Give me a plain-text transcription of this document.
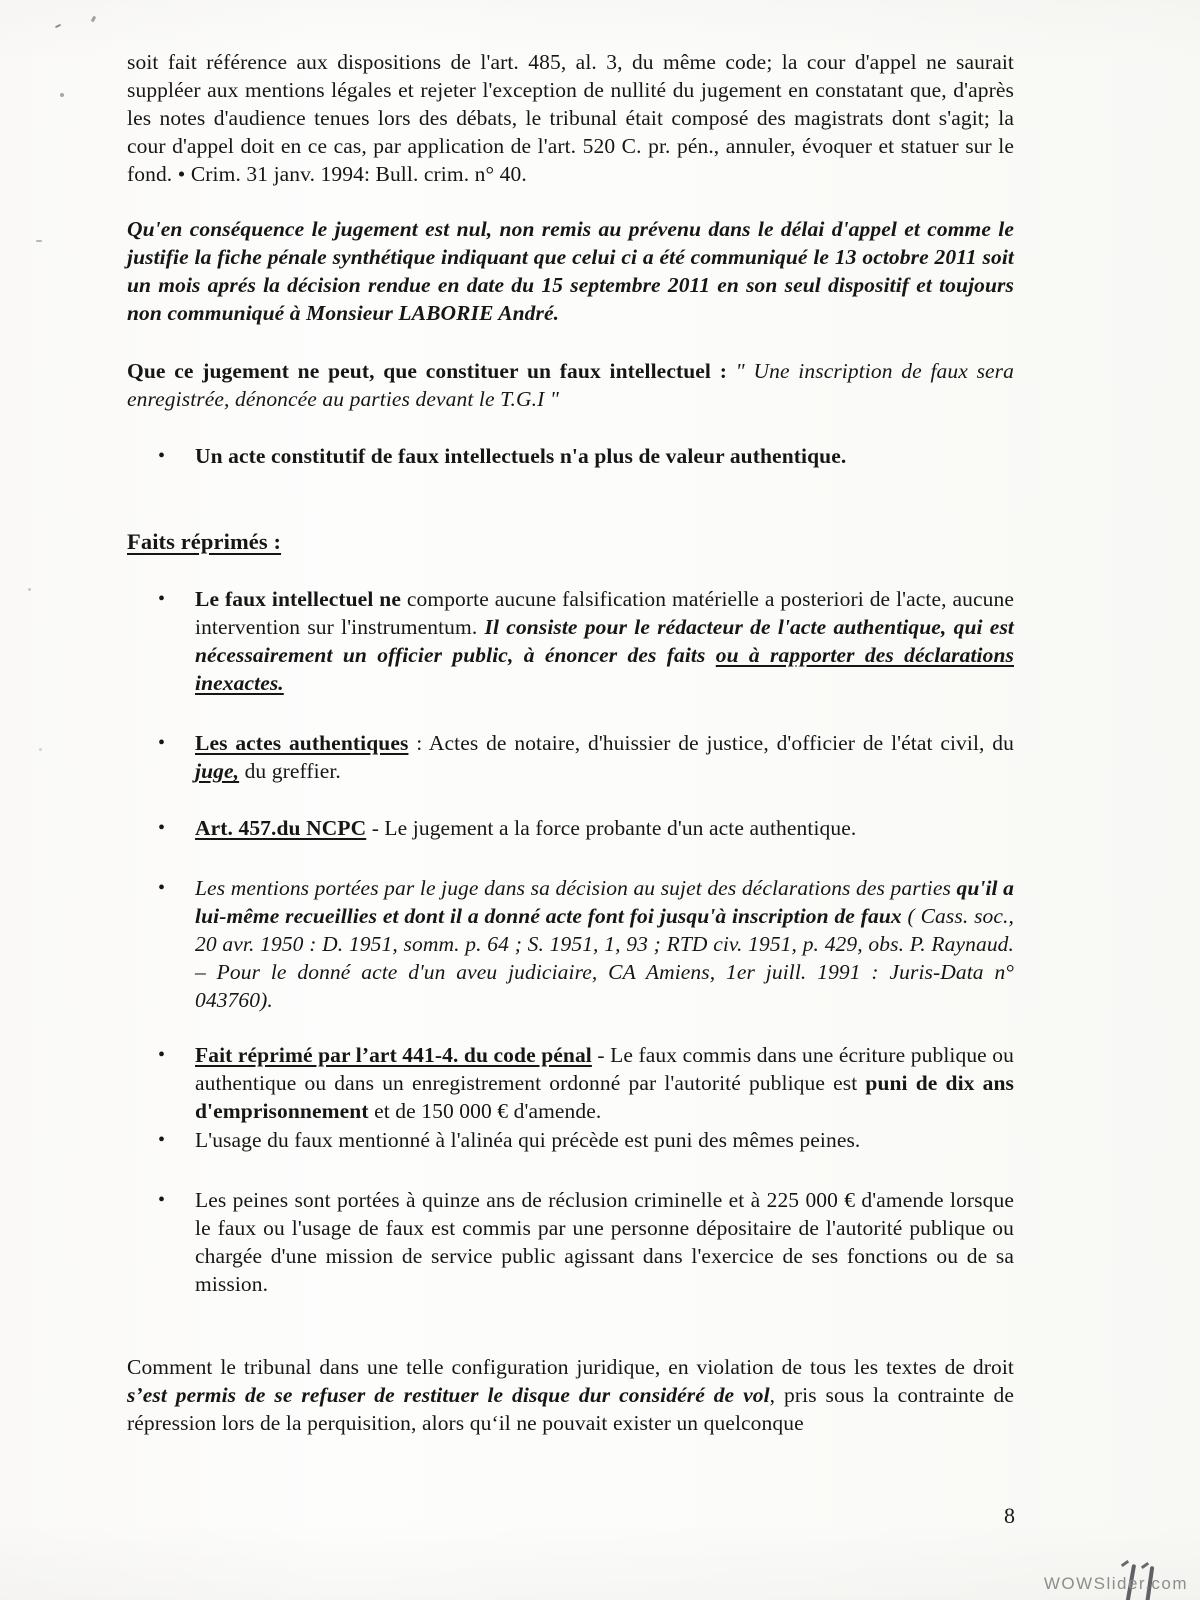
soit fait référence aux dispositions de l'art. 485, al. 3, du même code; la cour d'appel ne saurait suppléer aux mentions légales et rejeter l'exception de nullité du jugement en constatant que, d'après les notes d'audience tenues lors des débats, le tribunal était composé des magistrats dont s'agit; la cour d'appel doit en ce cas, par application de l'art. 520 C. pr. pén., annuler, évoquer et statuer sur le fond. • Crim. 31 janv. 1994: Bull. crim. n° 40.
Qu'en conséquence le jugement est nul, non remis au prévenu dans le délai d'appel et comme le justifie la fiche pénale synthétique indiquant que celui ci a été communiqué le 13 octobre 2011 soit un mois aprés la décision rendue en date du 15 septembre 2011 en son seul dispositif et toujours non communiqué à Monsieur LABORIE André.
Que ce jugement ne peut, que constituer un faux intellectuel : " Une inscription de faux sera enregistrée, dénoncée au parties devant le T.G.I "
•	Un acte constitutif de faux intellectuels n'a plus de valeur authentique.
Faits réprimés :
•	Le faux intellectuel ne comporte aucune falsification matérielle a posteriori de l'acte, aucune intervention sur l'instrumentum. Il consiste pour le rédacteur de l'acte authentique, qui est nécessairement un officier public, à énoncer des faits ou à rapporter des déclarations inexactes.
•	Les actes authentiques : Actes de notaire, d'huissier de justice, d'officier de l'état civil, du juge, du greffier.
•	Art. 457.du NCPC - Le jugement a la force probante d'un acte authentique.
•	Les mentions portées par le juge dans sa décision au sujet des déclarations des parties qu'il a lui-même recueillies et dont il a donné acte font foi jusqu'à inscription de faux ( Cass. soc., 20 avr. 1950 : D. 1951, somm. p. 64 ; S. 1951, 1, 93 ; RTD civ. 1951, p. 429, obs. P. Raynaud. – Pour le donné acte d'un aveu judiciaire, CA Amiens, 1er juill. 1991 : Juris-Data n° 043760).
•	Fait réprimé par l’art 441-4. du code pénal - Le faux commis dans une écriture publique ou authentique ou dans un enregistrement ordonné par l'autorité publique est puni de dix ans d'emprisonnement et de 150 000 € d'amende.
•	L'usage du faux mentionné à l'alinéa qui précède est puni des mêmes peines.
•	Les peines sont portées à quinze ans de réclusion criminelle et à 225 000 € d'amende lorsque le faux ou l'usage de faux est commis par une personne dépositaire de l'autorité publique ou chargée d'une mission de service public agissant dans l'exercice de ses fonctions ou de sa mission.
Comment le tribunal dans une telle configuration juridique, en violation de tous les textes de droit s’est permis de se refuser de restituer le disque dur considéré de vol, pris sous la contrainte de répression lors de la perquisition, alors qu‘il ne pouvait exister un quelconque
8
WOWSlider.com
